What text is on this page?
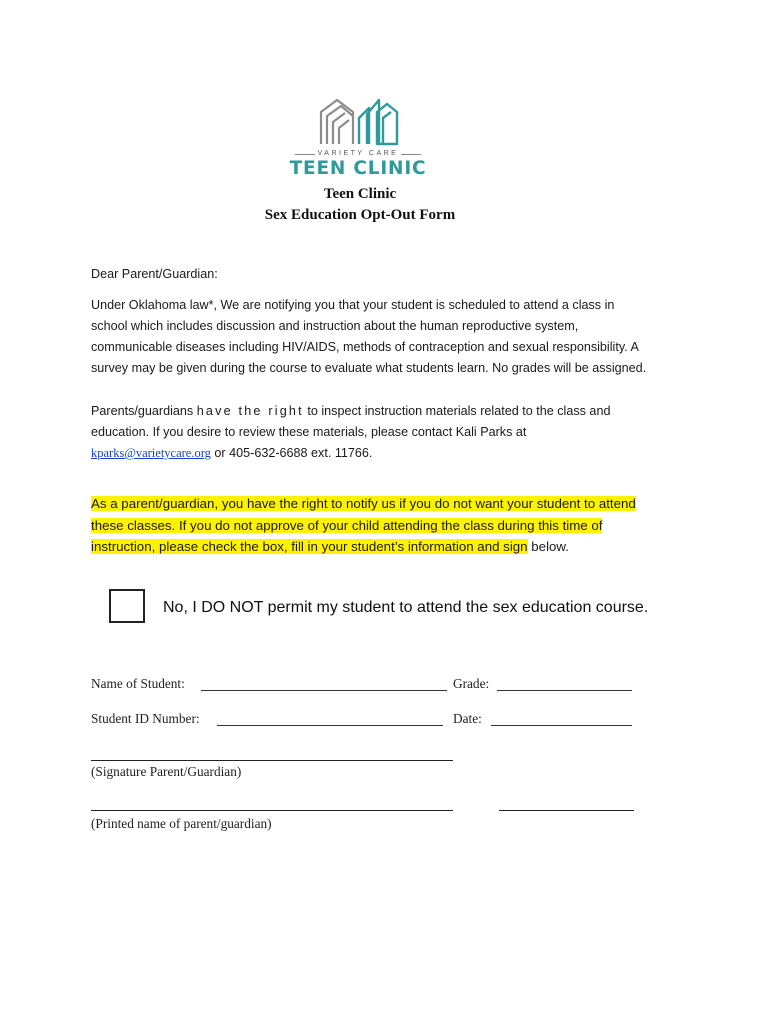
VARIETY CARE
TEEN CLINIC
Teen Clinic
Sex Education Opt-Out Form
Dear Parent/Guardian:
Under Oklahoma law*, We are notifying you that your student is scheduled to attend a class in
school which includes discussion and instruction about the human reproductive system,
communicable diseases including HIV/AIDS, methods of contraception and sexual responsibility. A
survey may be given during the course to evaluate what students learn. No grades will be assigned.
Parents/guardians have the right to inspect instruction materials related to the class and
education. If you desire to review these materials, please contact Kali Parks at
kparks@varietycare.org or 405-632-6688 ext. 11766.
As a parent/guardian, you have the right to notify us if you do not want your student to attend
these classes. If you do not approve of your child attending the class during this time of
instruction, please check the box, fill in your student’s information and sign below.
No, I DO NOT permit my student to attend the sex education course.
Name of Student:	Grade:
Student ID Number:	Date:
(Signature Parent/Guardian)
(Printed name of parent/guardian)
